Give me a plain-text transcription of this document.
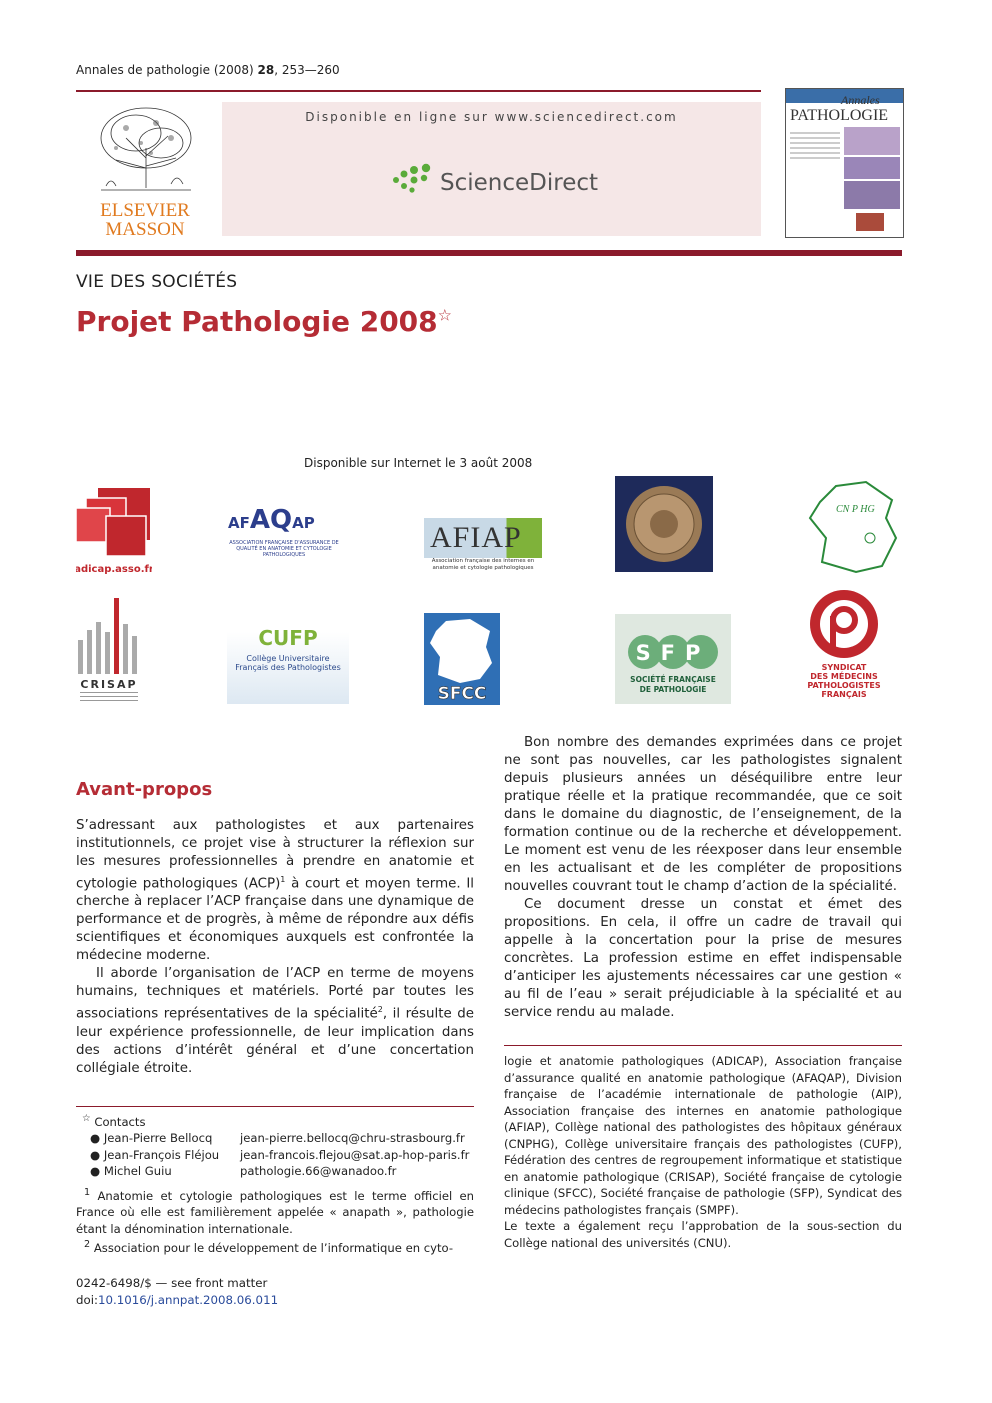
Annales de pathologie (2008) 28, 253—260
ELSEVIER
MASSON
Disponible en ligne sur www.sciencedirect.com
ScienceDirect
Annales
PATHOLOGIE
VIE DES SOCIÉTÉS
Projet Pathologie 2008☆
Disponible sur Internet le 3 août 2008
adicap.asso.fr
AFAQAP
ASSOCIATION FRANÇAISE D'ASSURANCE DE QUALITÉ EN ANATOMIE ET CYTOLOGIE PATHOLOGIQUES
AFIAP
Association française des internes en anatomie et cytologie pathologiques
CN P HG
CRISAP
CUFP
Collège Universitaire
Français des Pathologistes
SFCC
SFP
SOCIÉTÉ FRANÇAISE
DE PATHOLOGIE
SYNDICAT
DES MÉDECINS
PATHOLOGISTES
FRANÇAIS
Avant-propos

S’adressant aux pathologistes et aux partenaires institutionnels, ce projet vise à structurer la réflexion sur les mesures professionnelles à prendre en anatomie et cytologie pathologiques (ACP)$^1$ à court et moyen terme. Il cherche à replacer l’ACP française dans une dynamique de performance et de progrès, à même de répondre aux défis scientifiques et économiques auxquels est confrontée la médecine moderne.

Il aborde l’organisation de l’ACP en terme de moyens humains, techniques et matériels. Porté par toutes les associations représentatives de la spécialité$^2$, il résulte de leur expérience professionnelle, de leur implication dans des actions d’intérêt général et d’une concertation collégiale étroite.

Bon nombre des demandes exprimées dans ce projet ne sont pas nouvelles, car les pathologistes signalent depuis plusieurs années un déséquilibre entre leur pratique réelle et la pratique recommandée, que ce soit dans le domaine du diagnostic, de l’enseignement, de la formation continue ou de la recherche et développement. Le moment est venu de les réexposer dans leur ensemble en les actualisant et de les compléter de propositions nouvelles couvrant tout le champ d’action de la spécialité.

Ce document dresse un constat et émet des propositions. En cela, il offre un cadre de travail qui appelle à la concertation pour la prise de mesures concrètes. La profession estime en effet indispensable d’anticiper les ajustements nécessaires car une gestion « au fil de l’eau » serait préjudiciable à la spécialité et au service rendu au malade.

☆ Contacts

● Jean-Pierre Bellocq	jean-pierre.bellocq@chru-strasbourg.fr
● Jean-François Fléjou	jean-francois.flejou@sat.ap-hop-paris.fr
● Michel Guiu	pathologie.66@wanadoo.fr

$^1$ Anatomie et cytologie pathologiques est le terme officiel en France où elle est familièrement appelée « anapath », pathologie étant la dénomination internationale.

$^2$ Association pour le développement de l’informatique en cyto-

logie et anatomie pathologiques (ADICAP), Association française d’assurance qualité en anatomie pathologique (AFAQAP), Division française de l’académie internationale de pathologie (AIP), Association française des internes en anatomie pathologique (AFIAP), Collège national des pathologistes des hôpitaux généraux (CNPHG), Collège universitaire français des pathologistes (CUFP), Fédération des centres de regroupement informatique et statistique en anatomie pathologique (CRISAP), Société française de cytologie clinique (SFCC), Société française de pathologie (SFP), Syndicat des médecins pathologistes français (SMPF).

Le texte a également reçu l’approbation de la sous-section du Collège national des universités (CNU).

0242-6498/$ — see front matter
doi:10.1016/j.annpat.2008.06.011
